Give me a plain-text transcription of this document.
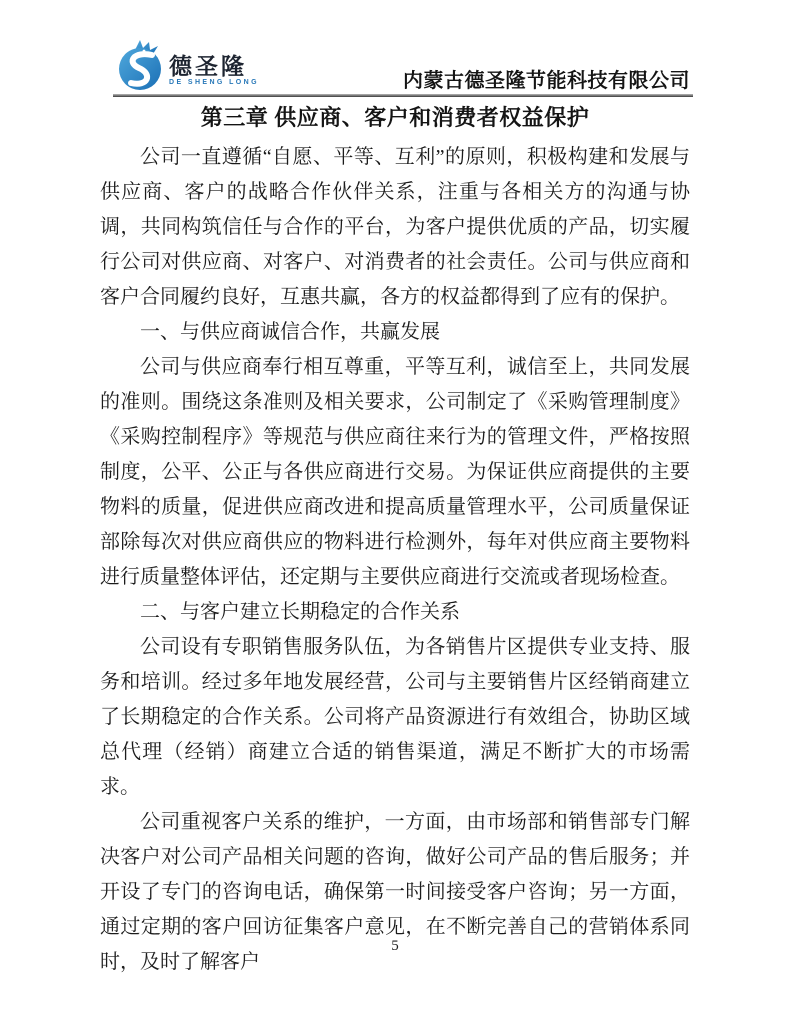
德圣隆
DE SHENG LONG	内蒙古德圣隆节能科技有限公司
第三章 供应商、客户和消费者权益保护
公司一直遵循“自愿、平等、互利”的原则，积极构建和发展与供应商、客户的战略合作伙伴关系，注重与各相关方的沟通与协调，共同构筑信任与合作的平台，为客户提供优质的产品，切实履行公司对供应商、对客户、对消费者的社会责任。公司与供应商和客户合同履约良好，互惠共赢，各方的权益都得到了应有的保护。
一、与供应商诚信合作，共赢发展
公司与供应商奉行相互尊重，平等互利，诚信至上，共同发展的准则。围绕这条准则及相关要求，公司制定了《采购管理制度》《采购控制程序》等规范与供应商往来行为的管理文件，严格按照制度，公平、公正与各供应商进行交易。为保证供应商提供的主要物料的质量，促进供应商改进和提高质量管理水平，公司质量保证部除每次对供应商供应的物料进行检测外，每年对供应商主要物料进行质量整体评估，还定期与主要供应商进行交流或者现场检查。
二、与客户建立长期稳定的合作关系
公司设有专职销售服务队伍，为各销售片区提供专业支持、服务和培训。经过多年地发展经营，公司与主要销售片区经销商建立了长期稳定的合作关系。公司将产品资源进行有效组合，协助区域总代理（经销）商建立合适的销售渠道，满足不断扩大的市场需求。
公司重视客户关系的维护，一方面，由市场部和销售部专门解决客户对公司产品相关问题的咨询，做好公司产品的售后服务；并开设了专门的咨询电话，确保第一时间接受客户咨询；另一方面，通过定期的客户回访征集客户意见，在不断完善自己的营销体系同时，及时了解客户
5
